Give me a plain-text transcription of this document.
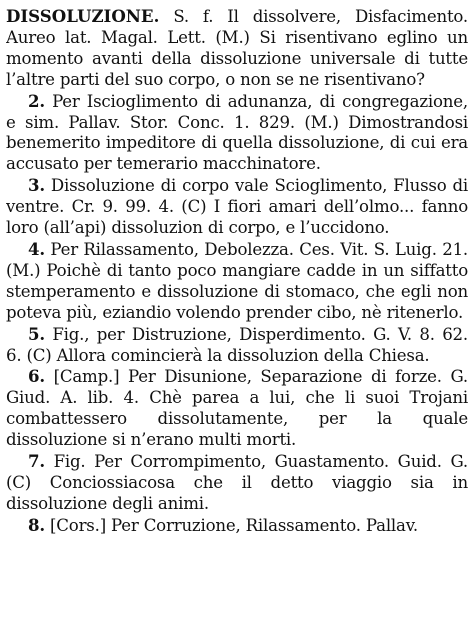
DISSOLUZIONE. S. f. Il dissolvere, Disfacimento. Aureo lat. Magal. Lett. (M.) Si risentivano eglino un momento avanti della dissoluzione universale di tutte l’altre parti del suo corpo, o non se ne risentivano?

2. Per Iscioglimento di adunanza, di congregazione, e sim. Pallav. Stor. Conc. 1. 829. (M.) Dimostrandosi benemerito impeditore di quella dissoluzione, di cui era accusato per temerario macchinatore.

3. Dissoluzione di corpo vale Scioglimento, Flusso di ventre. Cr. 9. 99. 4. (C) I fiori amari dell’olmo... fanno loro (all’api) dissoluzion di corpo, e l’uccidono.

4. Per Rilassamento, Debolezza. Ces. Vit. S. Luig. 21. (M.) Poichè di tanto poco mangiare cadde in un siffatto stemperamento e dissoluzione di stomaco, che egli non poteva più, eziandio volendo prender cibo, nè ritenerlo.

5. Fig., per Distruzione, Disperdimento. G. V. 8. 62. 6. (C) Allora comincierà la dissoluzion della Chiesa.

6. [Camp.] Per Disunione, Separazione di forze. G. Giud. A. lib. 4. Chè parea a lui, che li suoi Trojani combattessero dissolutamente, per la quale dissoluzione si n’erano multi morti.

7. Fig. Per Corrompimento, Guastamento. Guid. G. (C) Conciossiacosa che il detto viaggio sia in dissoluzione degli animi.

8. [Cors.] Per Corruzione, Rilassamento. Pallav.
